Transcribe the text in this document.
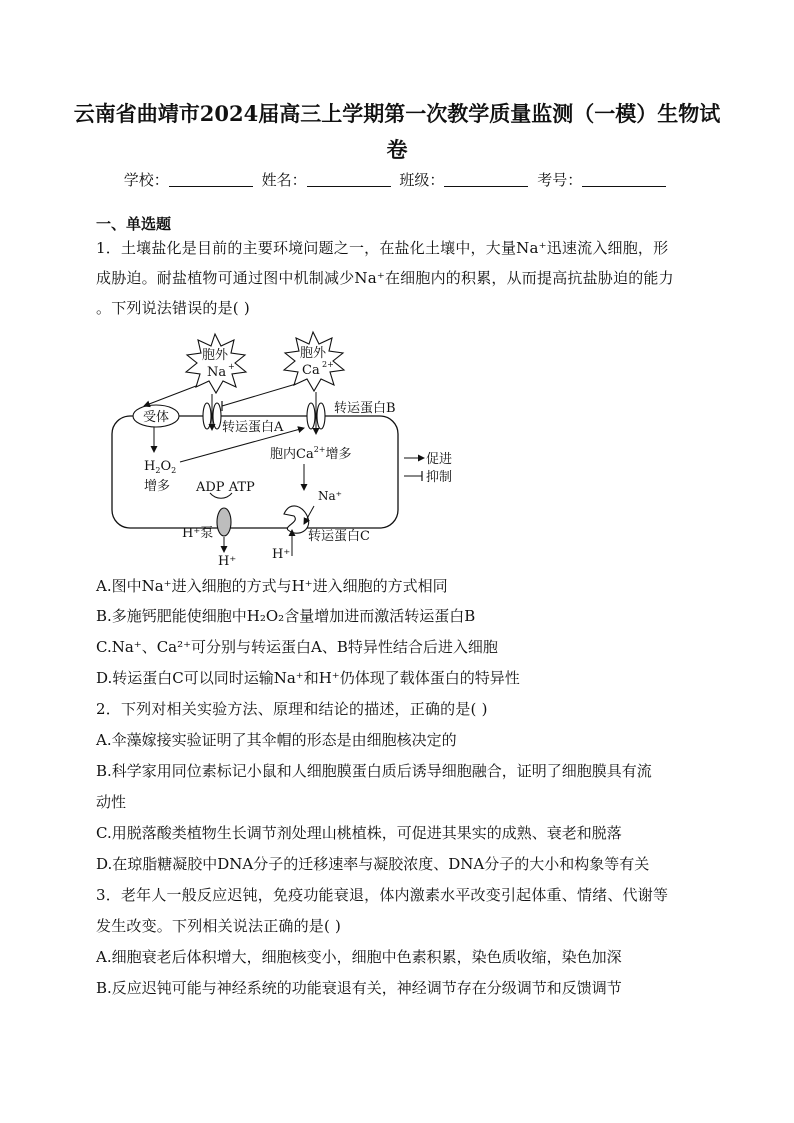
云南省曲靖市2024届高三上学期第一次教学质量监测（一模）生物试
卷
学校：	姓名：	班级：	考号：
一、单选题
1．土壤盐化是目前的主要环境问题之一，在盐化土壤中，大量Na⁺迅速流入细胞，形
成胁迫。耐盐植物可通过图中机制减少Na⁺在细胞内的积累，从而提高抗盐胁迫的能力
。下列说法错误的是( )
胞外
Na +
胞外
Ca 2+
受体
转运蛋白A
转运蛋白B
$H_2O_2$
增多
胞内$Ca^{2+}$增多
ADP ATP
H⁺泵
H⁺
Na⁺
H⁺
转运蛋白C
促进
抑制
A.图中Na⁺进入细胞的方式与H⁺进入细胞的方式相同
B.多施钙肥能使细胞中H₂O₂含量增加进而激活转运蛋白B
C.Na⁺、Ca²⁺可分别与转运蛋白A、B特异性结合后进入细胞
D.转运蛋白C可以同时运输Na⁺和H⁺仍体现了载体蛋白的特异性
2．下列对相关实验方法、原理和结论的描述，正确的是( )
A.伞藻嫁接实验证明了其伞帽的形态是由细胞核决定的
B.科学家用同位素标记小鼠和人细胞膜蛋白质后诱导细胞融合，证明了细胞膜具有流
动性
C.用脱落酸类植物生长调节剂处理山桃植株，可促进其果实的成熟、衰老和脱落
D.在琼脂糖凝胶中DNA分子的迁移速率与凝胶浓度、DNA分子的大小和构象等有关
3．老年人一般反应迟钝，免疫功能衰退，体内激素水平改变引起体重、情绪、代谢等
发生改变。下列相关说法正确的是( )
A.细胞衰老后体积增大，细胞核变小，细胞中色素积累，染色质收缩，染色加深
B.反应迟钝可能与神经系统的功能衰退有关，神经调节存在分级调节和反馈调节
